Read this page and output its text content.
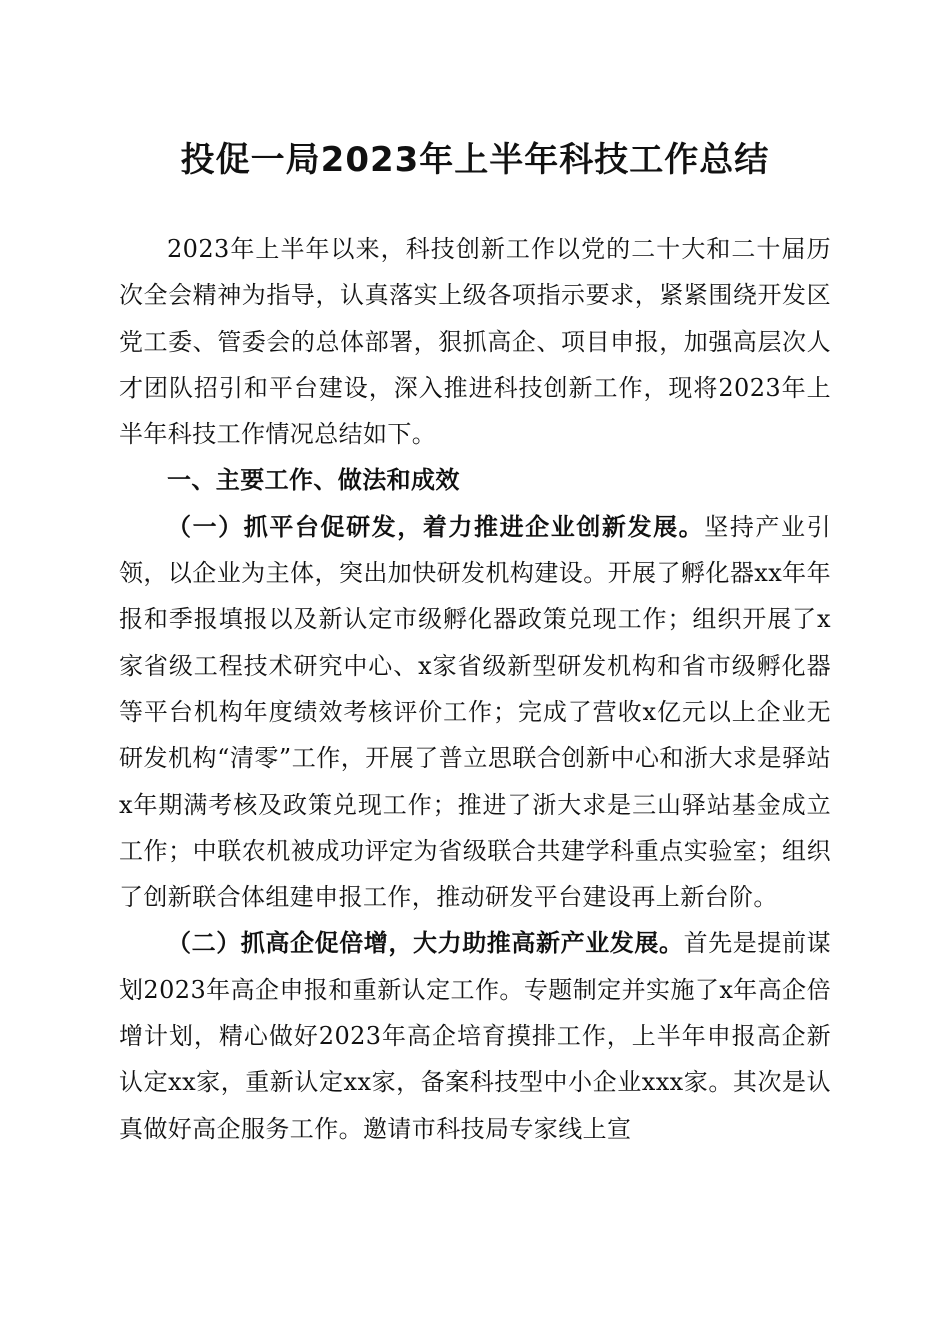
投促一局2023年上半年科技工作总结

2023年上半年以来，科技创新工作以党的二十大和二十届历次全会精神为指导，认真落实上级各项指示要求，紧紧围绕开发区党工委、管委会的总体部署，狠抓高企、项目申报，加强高层次人才团队招引和平台建设，深入推进科技创新工作，现将2023年上半年科技工作情况总结如下。

一、主要工作、做法和成效

（一）抓平台促研发，着力推进企业创新发展。坚持产业引领，以企业为主体，突出加快研发机构建设。开展了孵化器xx年年报和季报填报以及新认定市级孵化器政策兑现工作；组织开展了x家省级工程技术研究中心、x家省级新型研发机构和省市级孵化器等平台机构年度绩效考核评价工作；完成了营收x亿元以上企业无研发机构“清零”工作，开展了普立思联合创新中心和浙大求是驿站x年期满考核及政策兑现工作；推进了浙大求是三山驿站基金成立工作；中联农机被成功评定为省级联合共建学科重点实验室；组织了创新联合体组建申报工作，推动研发平台建设再上新台阶。

（二）抓高企促倍增，大力助推高新产业发展。首先是提前谋划2023年高企申报和重新认定工作。专题制定并实施了x年高企倍增计划，精心做好2023年高企培育摸排工作，上半年申报高企新认定xx家，重新认定xx家，备案科技型中小企业xxx家。其次是认真做好高企服务工作。邀请市科技局专家线上宣
